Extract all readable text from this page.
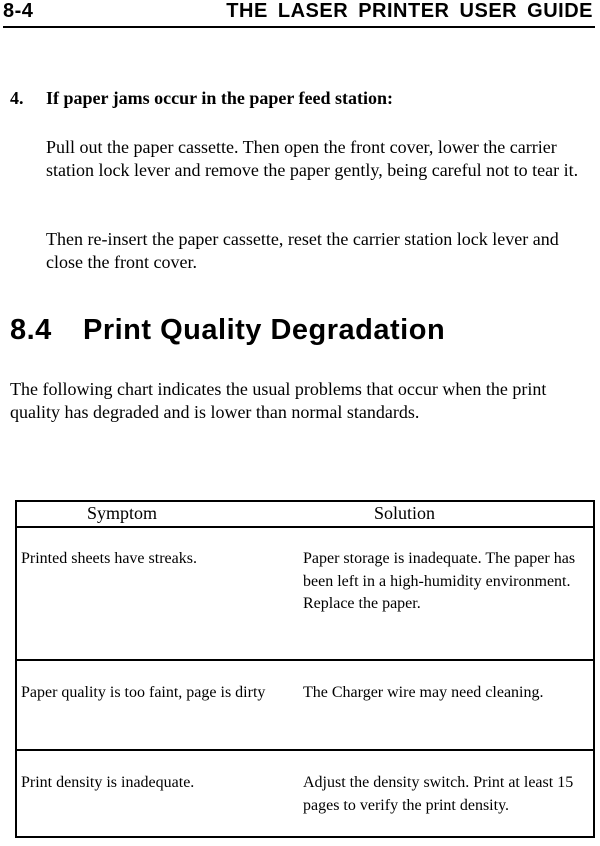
8-4	THE LASER PRINTER USER GUIDE
4. If paper jams occur in the paper feed station:
Pull out the paper cassette. Then open the front cover, lower the carrier station lock lever and remove the paper gently, being careful not to tear it.
Then re-insert the paper cassette, reset the carrier station lock lever and close the front cover.
8.4 Print Quality Degradation
The following chart indicates the usual problems that occur when the print quality has degraded and is lower than normal standards.
Symptom	Solution
Printed sheets have streaks.	Paper storage is inadequate. The paper has been left in a high-humidity environment. Replace the paper.
Paper quality is too faint, page is dirty	The Charger wire may need cleaning.
Print density is inadequate.	Adjust the density switch. Print at least 15 pages to verify the print density.
